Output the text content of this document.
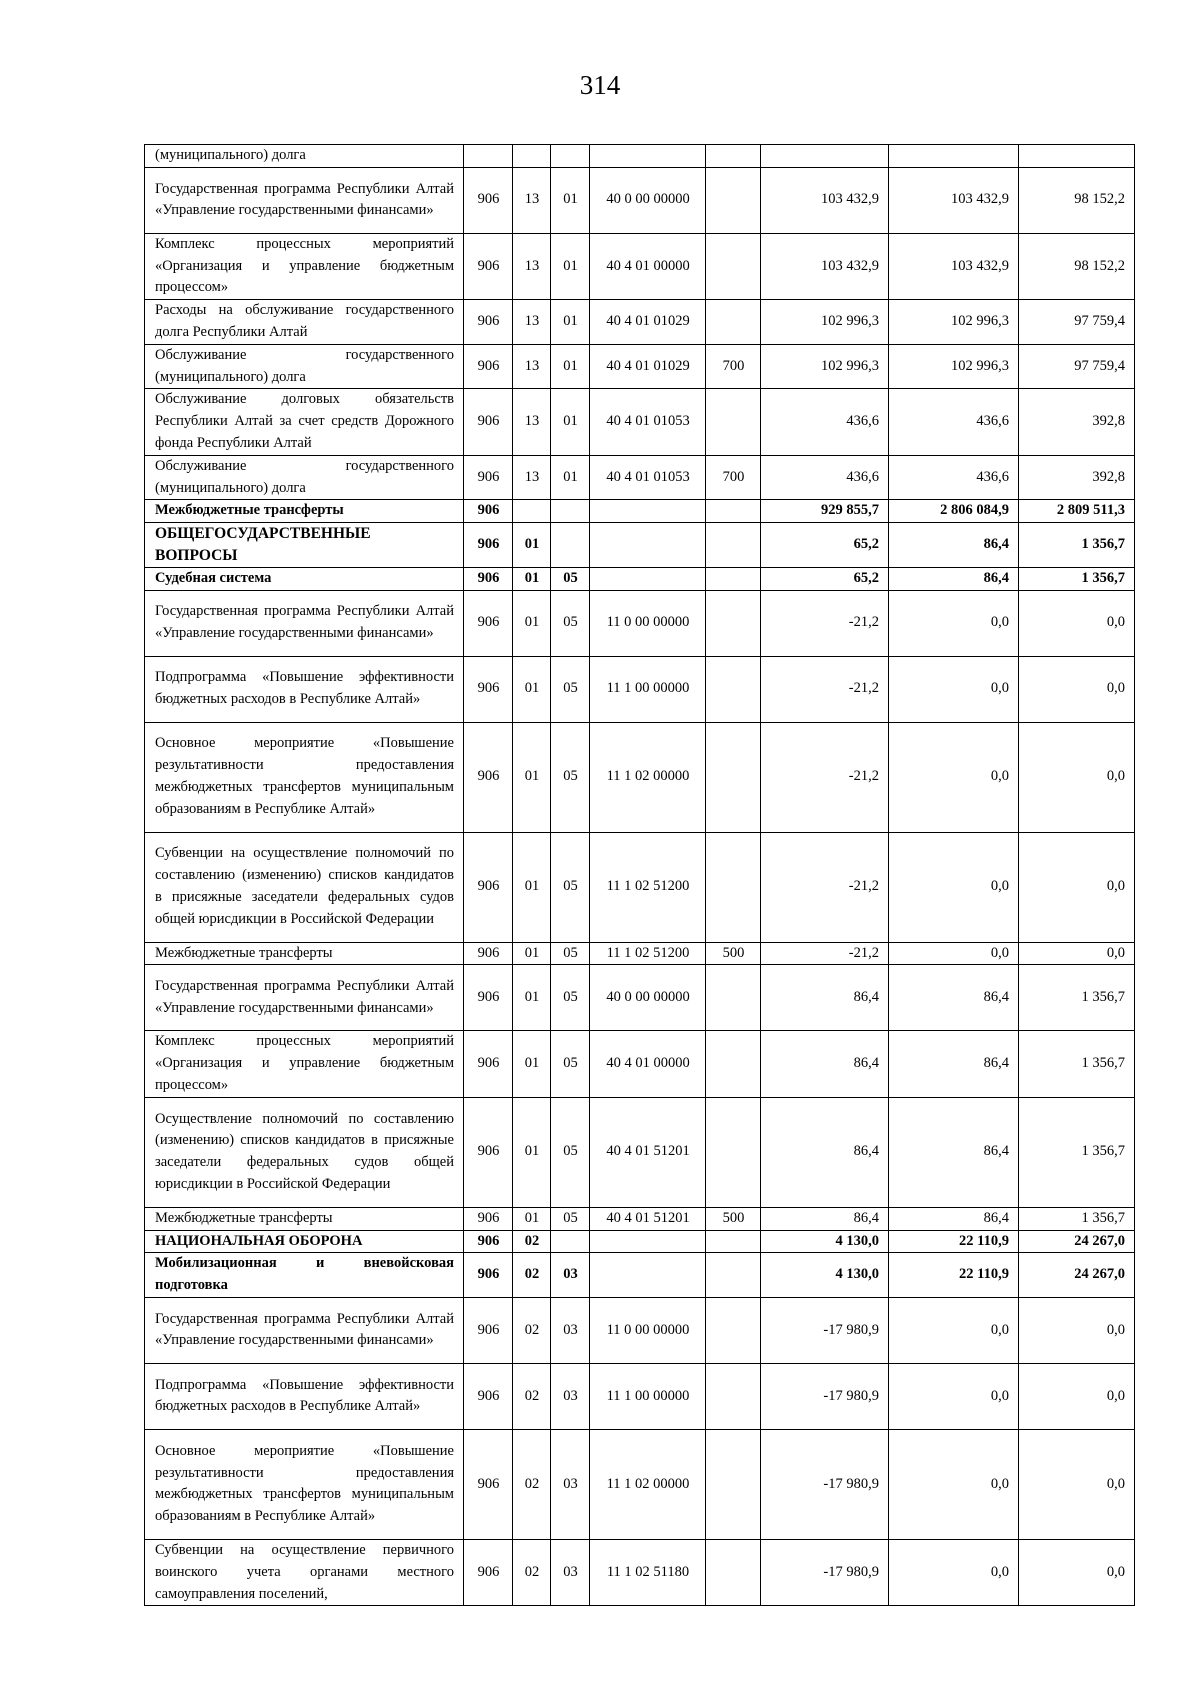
314
(муниципального) долга								
Государственная программа Республики Алтай «Управление государственными финансами»	906	13	01	40 0 00 00000		103 432,9	103 432,9	98 152,2
Комплекс процессных мероприятий «Организация и управление бюджетным процессом»	906	13	01	40 4 01 00000		103 432,9	103 432,9	98 152,2
Расходы на обслуживание государственного долга Республики Алтай	906	13	01	40 4 01 01029		102 996,3	102 996,3	97 759,4
Обслуживание государственного (муниципального) долга	906	13	01	40 4 01 01029	700	102 996,3	102 996,3	97 759,4
Обслуживание долговых обязательств Республики Алтай за счет средств Дорожного фонда Республики Алтай	906	13	01	40 4 01 01053		436,6	436,6	392,8
Обслуживание государственного (муниципального) долга	906	13	01	40 4 01 01053	700	436,6	436,6	392,8
Межбюджетные трансферты	906					929 855,7	2 806 084,9	2 809 511,3
ОБЩЕГОСУДАРСТВЕННЫЕ ВОПРОСЫ	906	01				65,2	86,4	1 356,7
Судебная система	906	01	05			65,2	86,4	1 356,7
Государственная программа Республики Алтай «Управление государственными финансами»	906	01	05	11 0 00 00000		-21,2	0,0	0,0
Подпрограмма «Повышение эффективности бюджетных расходов в Республике Алтай»	906	01	05	11 1 00 00000		-21,2	0,0	0,0
Основное мероприятие «Повышение результативности предоставления межбюджетных трансфертов муниципальным образованиям в Республике Алтай»	906	01	05	11 1 02 00000		-21,2	0,0	0,0
Субвенции на осуществление полномочий по составлению (изменению) списков кандидатов в присяжные заседатели федеральных судов общей юрисдикции в Российской Федерации	906	01	05	11 1 02 51200		-21,2	0,0	0,0
Межбюджетные трансферты	906	01	05	11 1 02 51200	500	-21,2	0,0	0,0
Государственная программа Республики Алтай «Управление государственными финансами»	906	01	05	40 0 00 00000		86,4	86,4	1 356,7
Комплекс процессных мероприятий «Организация и управление бюджетным процессом»	906	01	05	40 4 01 00000		86,4	86,4	1 356,7
Осуществление полномочий по составлению (изменению) списков кандидатов в присяжные заседатели федеральных судов общей юрисдикции в Российской Федерации	906	01	05	40 4 01 51201		86,4	86,4	1 356,7
Межбюджетные трансферты	906	01	05	40 4 01 51201	500	86,4	86,4	1 356,7
НАЦИОНАЛЬНАЯ ОБОРОНА	906	02				4 130,0	22 110,9	24 267,0
Мобилизационная и вневойсковая подготовка	906	02	03			4 130,0	22 110,9	24 267,0
Государственная программа Республики Алтай «Управление государственными финансами»	906	02	03	11 0 00 00000		-17 980,9	0,0	0,0
Подпрограмма «Повышение эффективности бюджетных расходов в Республике Алтай»	906	02	03	11 1 00 00000		-17 980,9	0,0	0,0
Основное мероприятие «Повышение результативности предоставления межбюджетных трансфертов муниципальным образованиям в Республике Алтай»	906	02	03	11 1 02 00000		-17 980,9	0,0	0,0
Субвенции на осуществление первичного воинского учета органами местного самоуправления поселений,	906	02	03	11 1 02 51180		-17 980,9	0,0	0,0
